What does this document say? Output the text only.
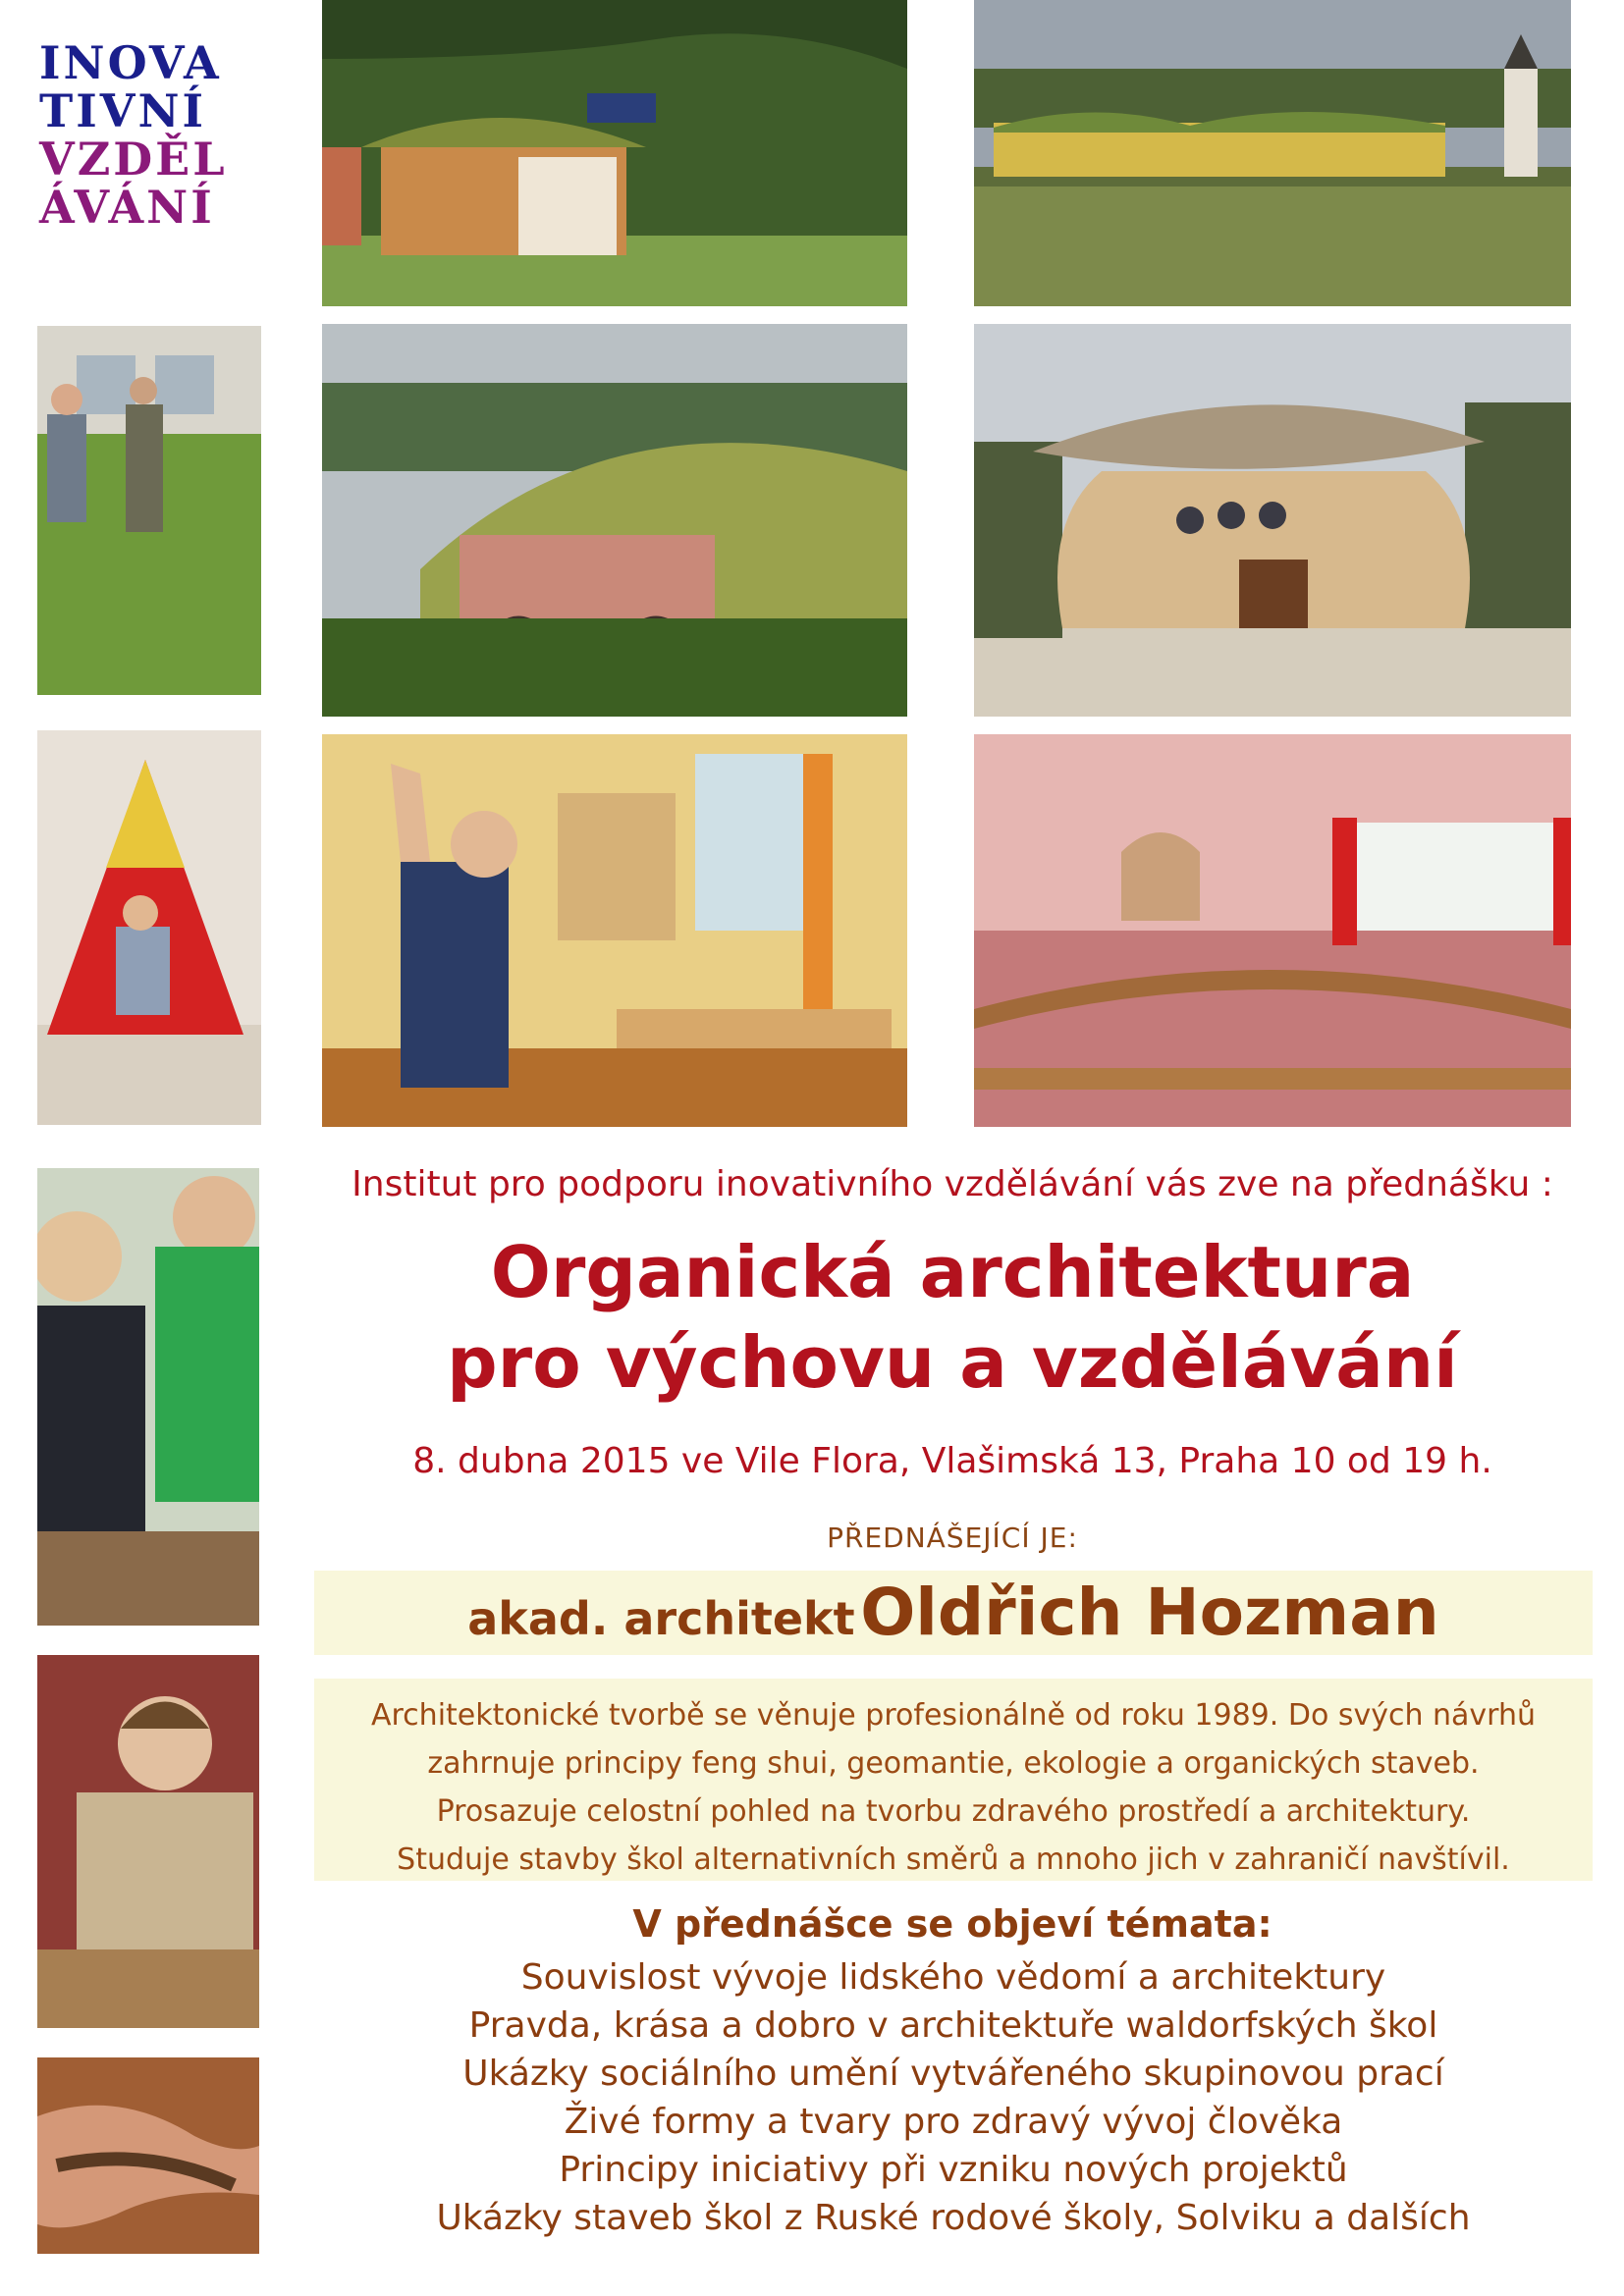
INOVA
TIVNÍ
VZDĚL
ÁVÁNÍ
Institut pro podporu inovativního vzdělávání vás zve na přednášku :
Organická architektura
pro výchovu a vzdělávání
8. dubna 2015 ve Vile Flora, Vlašimská 13, Praha 10 od 19 h.
PŘEDNÁŠEJÍCÍ JE:
akad. architekt Oldřich Hozman
Architektonické tvorbě se věnuje profesionálně od roku 1989. Do svých návrhů
zahrnuje principy feng shui, geomantie, ekologie a organických staveb.
Prosazuje celostní pohled na tvorbu zdravého prostředí a architektury.
Studuje stavby škol alternativních směrů a mnoho jich v zahraničí navštívil.
V přednášce se objeví témata:
Souvislost vývoje lidského vědomí a architektury
Pravda, krása a dobro v architektuře waldorfských škol
Ukázky sociálního umění vytvářeného skupinovou prací
Živé formy a tvary pro zdravý vývoj člověka
Principy iniciativy při vzniku nových projektů
Ukázky staveb škol z Ruské rodové školy, Solviku a dalších
